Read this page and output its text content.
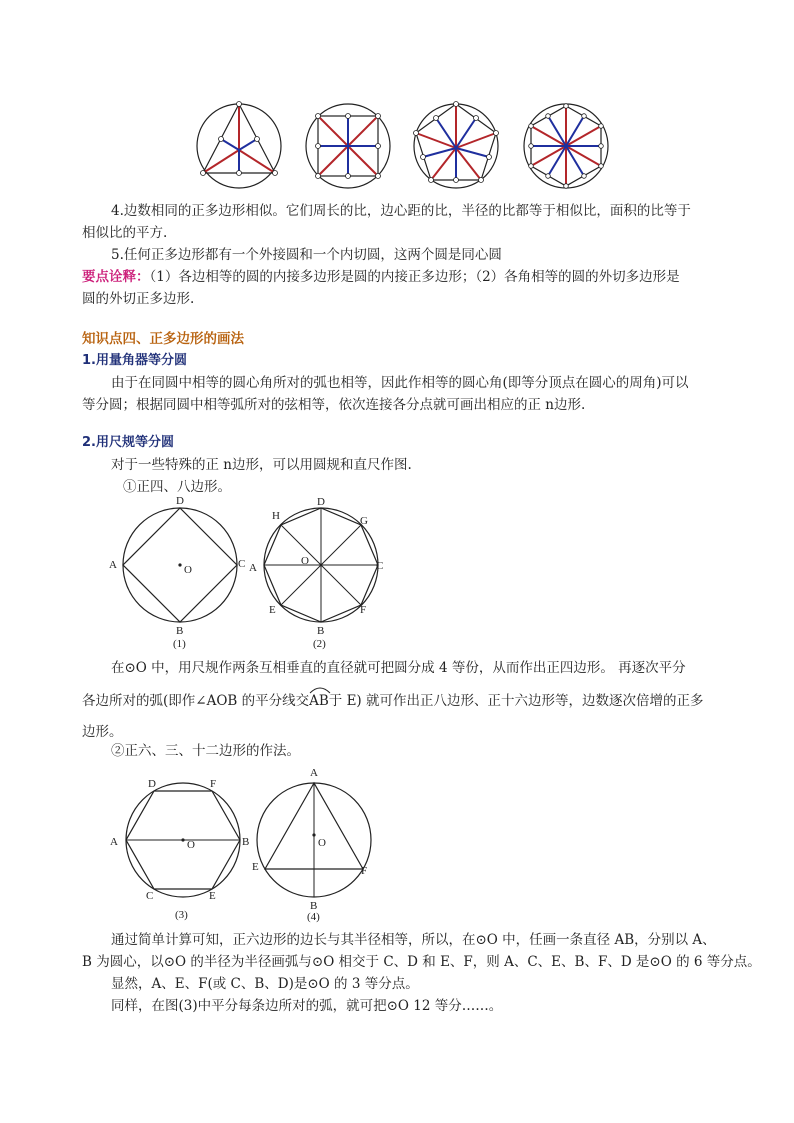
4.边数相同的正多边形相似。它们周长的比，边心距的比，半径的比都等于相似比，面积的比等于
相似比的平方.
5.任何正多边形都有一个外接圆和一个内切圆，这两个圆是同心圆
要点诠释：（1）各边相等的圆的内接多边形是圆的内接正多边形；（2）各角相等的圆的外切多边形是
圆的外切正多边形.
知识点四、正多边形的画法
1.用量角器等分圆
由于在同圆中相等的圆心角所对的弧也相等，因此作相等的圆心角(即等分顶点在圆心的周角)可以
等分圆；根据同圆中相等弧所对的弦相等，依次连接各分点就可画出相应的正 n边形.
2.用尺规等分圆
对于一些特殊的正 n边形，可以用圆规和直尺作图.
①正四、八边形。
D
A	C
B
O
(1)
D
H	G
A	C
O
E	F
B
(2)
在⊙O 中，用尺规作两条互相垂直的直径就可把圆分成 4 等份，从而作出正四边形。 再逐次平分
各边所对的弧(即作∠AOB 的平分线交
AB于 E) 就可作出正八边形、正十六边形等，边数逐次倍增的正多
边形。
②正六、三、十二边形的作法。
D	F
A	B
O
C	E
(3)
A
O
E	F
B
(4)
通过简单计算可知，正六边形的边长与其半径相等，所以，在⊙O 中，任画一条直径 AB，分别以 A、
B 为圆心，以⊙O 的半径为半径画弧与⊙O 相交于 C、D 和 E、F，则 A、C、E、B、F、D 是⊙O 的 6 等分点。
显然，A、E、F(或 C、B、D)是⊙O 的 3 等分点。
同样，在图(3)中平分每条边所对的弧，就可把⊙O 12 等分……。
